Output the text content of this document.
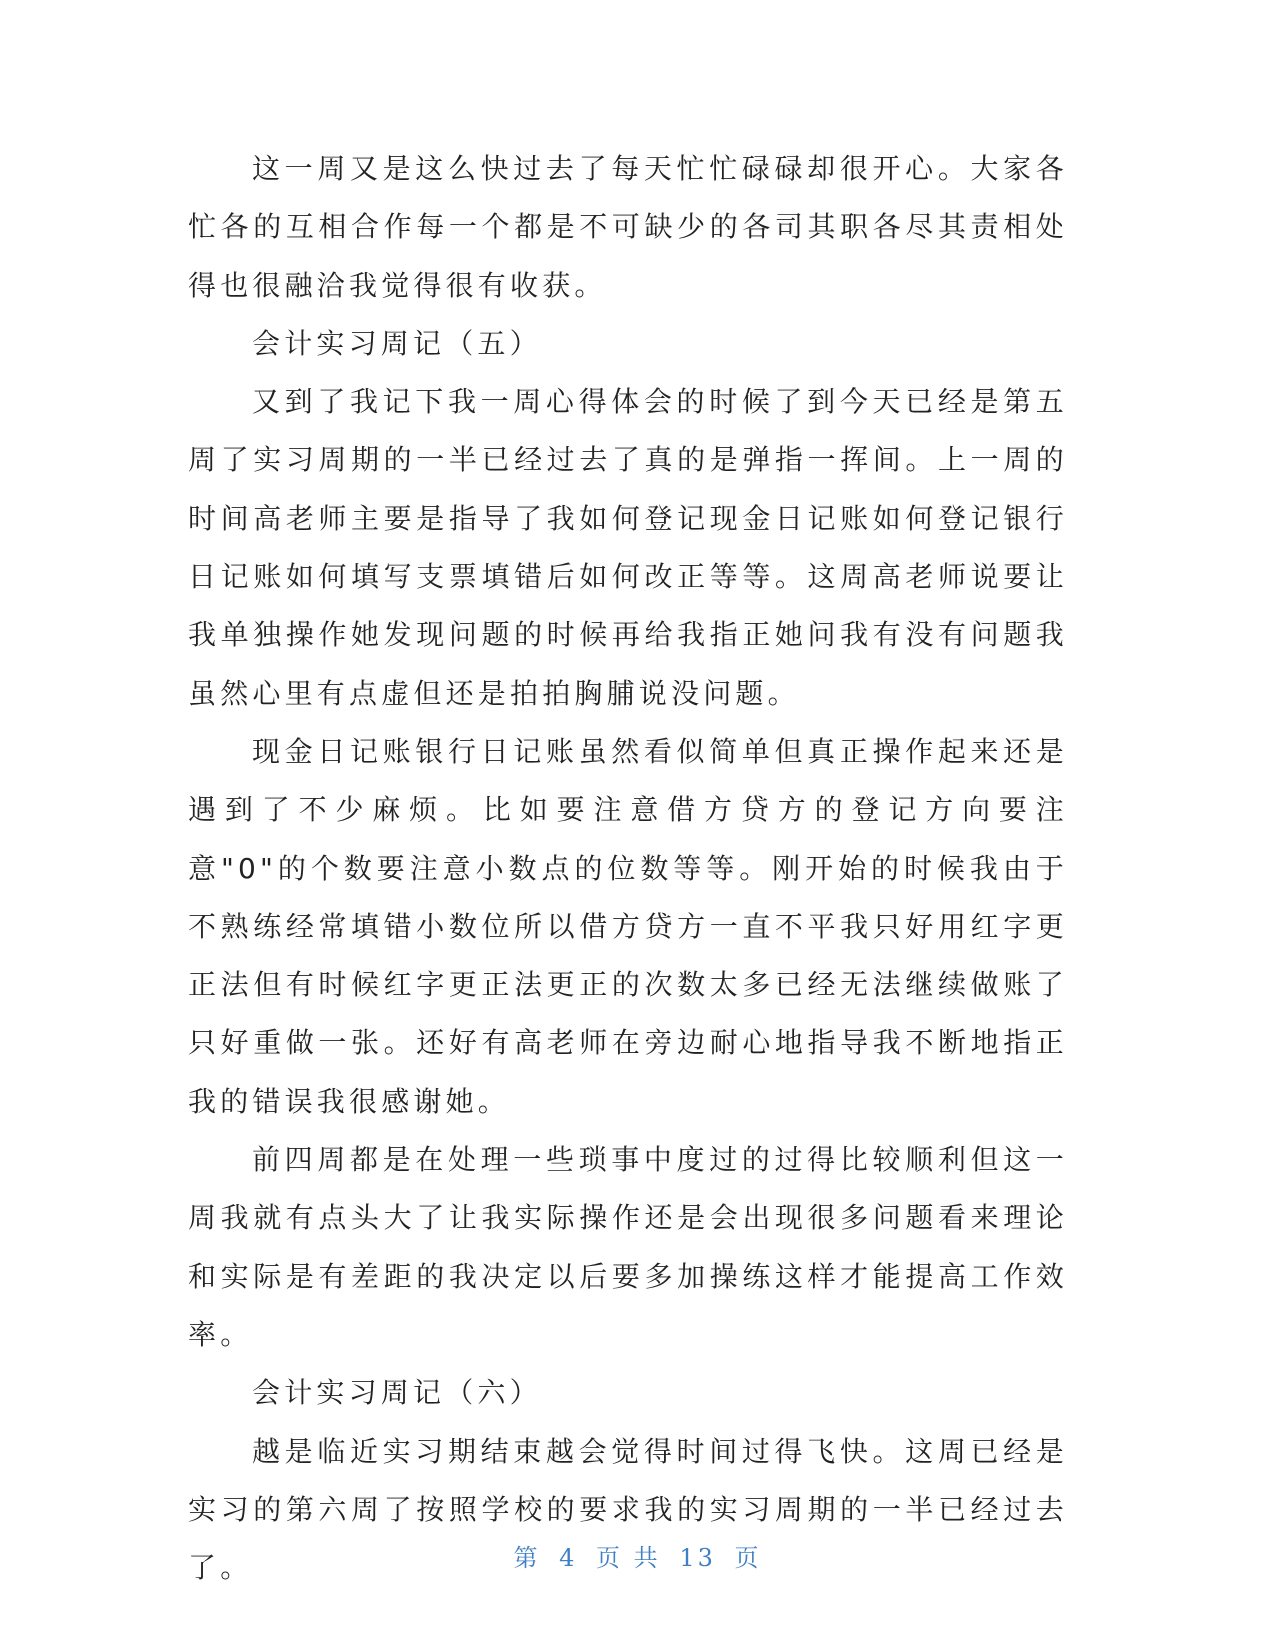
这一周又是这么快过去了每天忙忙碌碌却很开心。大家各忙各的互相合作每一个都是不可缺少的各司其职各尽其责相处得也很融洽我觉得很有收获。

会计实习周记（五）

又到了我记下我一周心得体会的时候了到今天已经是第五周了实习周期的一半已经过去了真的是弹指一挥间。上一周的时间高老师主要是指导了我如何登记现金日记账如何登记银行日记账如何填写支票填错后如何改正等等。这周高老师说要让我单独操作她发现问题的时候再给我指正她问我有没有问题我虽然心里有点虚但还是拍拍胸脯说没问题。

现金日记账银行日记账虽然看似简单但真正操作起来还是遇到了不少麻烦。比如要注意借方贷方的登记方向要注意"0"的个数要注意小数点的位数等等。刚开始的时候我由于不熟练经常填错小数位所以借方贷方一直不平我只好用红字更正法但有时候红字更正法更正的次数太多已经无法继续做账了只好重做一张。还好有高老师在旁边耐心地指导我不断地指正我的错误我很感谢她。

前四周都是在处理一些琐事中度过的过得比较顺利但这一周我就有点头大了让我实际操作还是会出现很多问题看来理论和实际是有差距的我决定以后要多加操练这样才能提高工作效率。

会计实习周记（六）

越是临近实习期结束越会觉得时间过得飞快。这周已经是实习的第六周了按照学校的要求我的实习周期的一半已经过去了。	第 4 页 共 13 页
